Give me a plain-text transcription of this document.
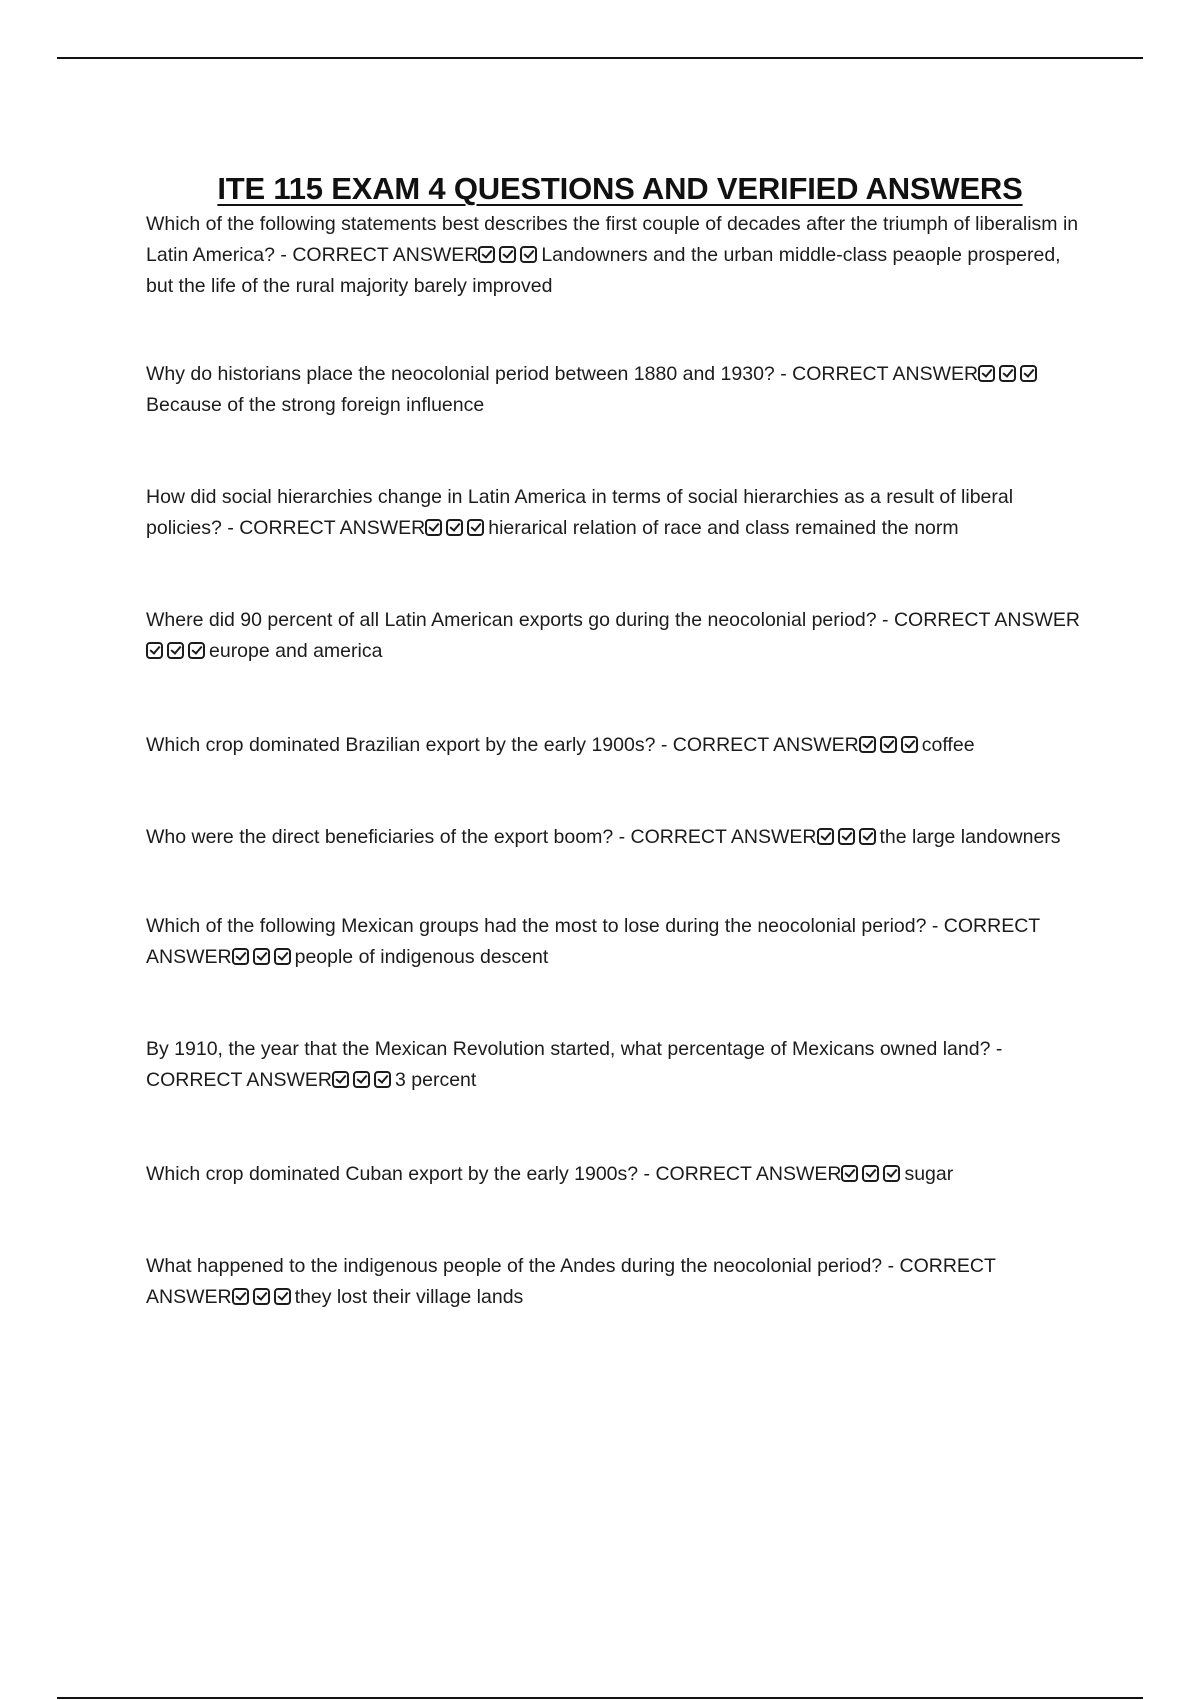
ITE 115 EXAM 4 QUESTIONS AND VERIFIED ANSWERS
Which of the following statements best describes the first couple of decades after the triumph of liberalism in Latin America? - CORRECT ANSWER	Landowners and the urban middle-class peaople prospered, but the life of the rural majority barely improved
Why do historians place the neocolonial period between 1880 and 1930? - CORRECT ANSWERBecause of the strong foreign influence
How did social hierarchies change in Latin America in terms of social hierarchies as a result of liberal policies? - CORRECT ANSWER	hierarical relation of race and class remained the norm
Where did 90 percent of all Latin American exports go during the neocolonial period? - CORRECT ANSWEReurope and america
Which crop dominated Brazilian export by the early 1900s? - CORRECT ANSWER	coffee
Who were the direct beneficiaries of the export boom? - CORRECT ANSWER	the large landowners
Which of the following Mexican groups had the most to lose during the neocolonial period? - CORRECT ANSWER	people of indigenous descent
By 1910, the year that the Mexican Revolution started, what percentage of Mexicans owned land? - CORRECT ANSWER	3 percent
Which crop dominated Cuban export by the early 1900s? - CORRECT ANSWER	sugar
What happened to the indigenous people of the Andes during the neocolonial period? - CORRECT ANSWER	they lost their village lands
